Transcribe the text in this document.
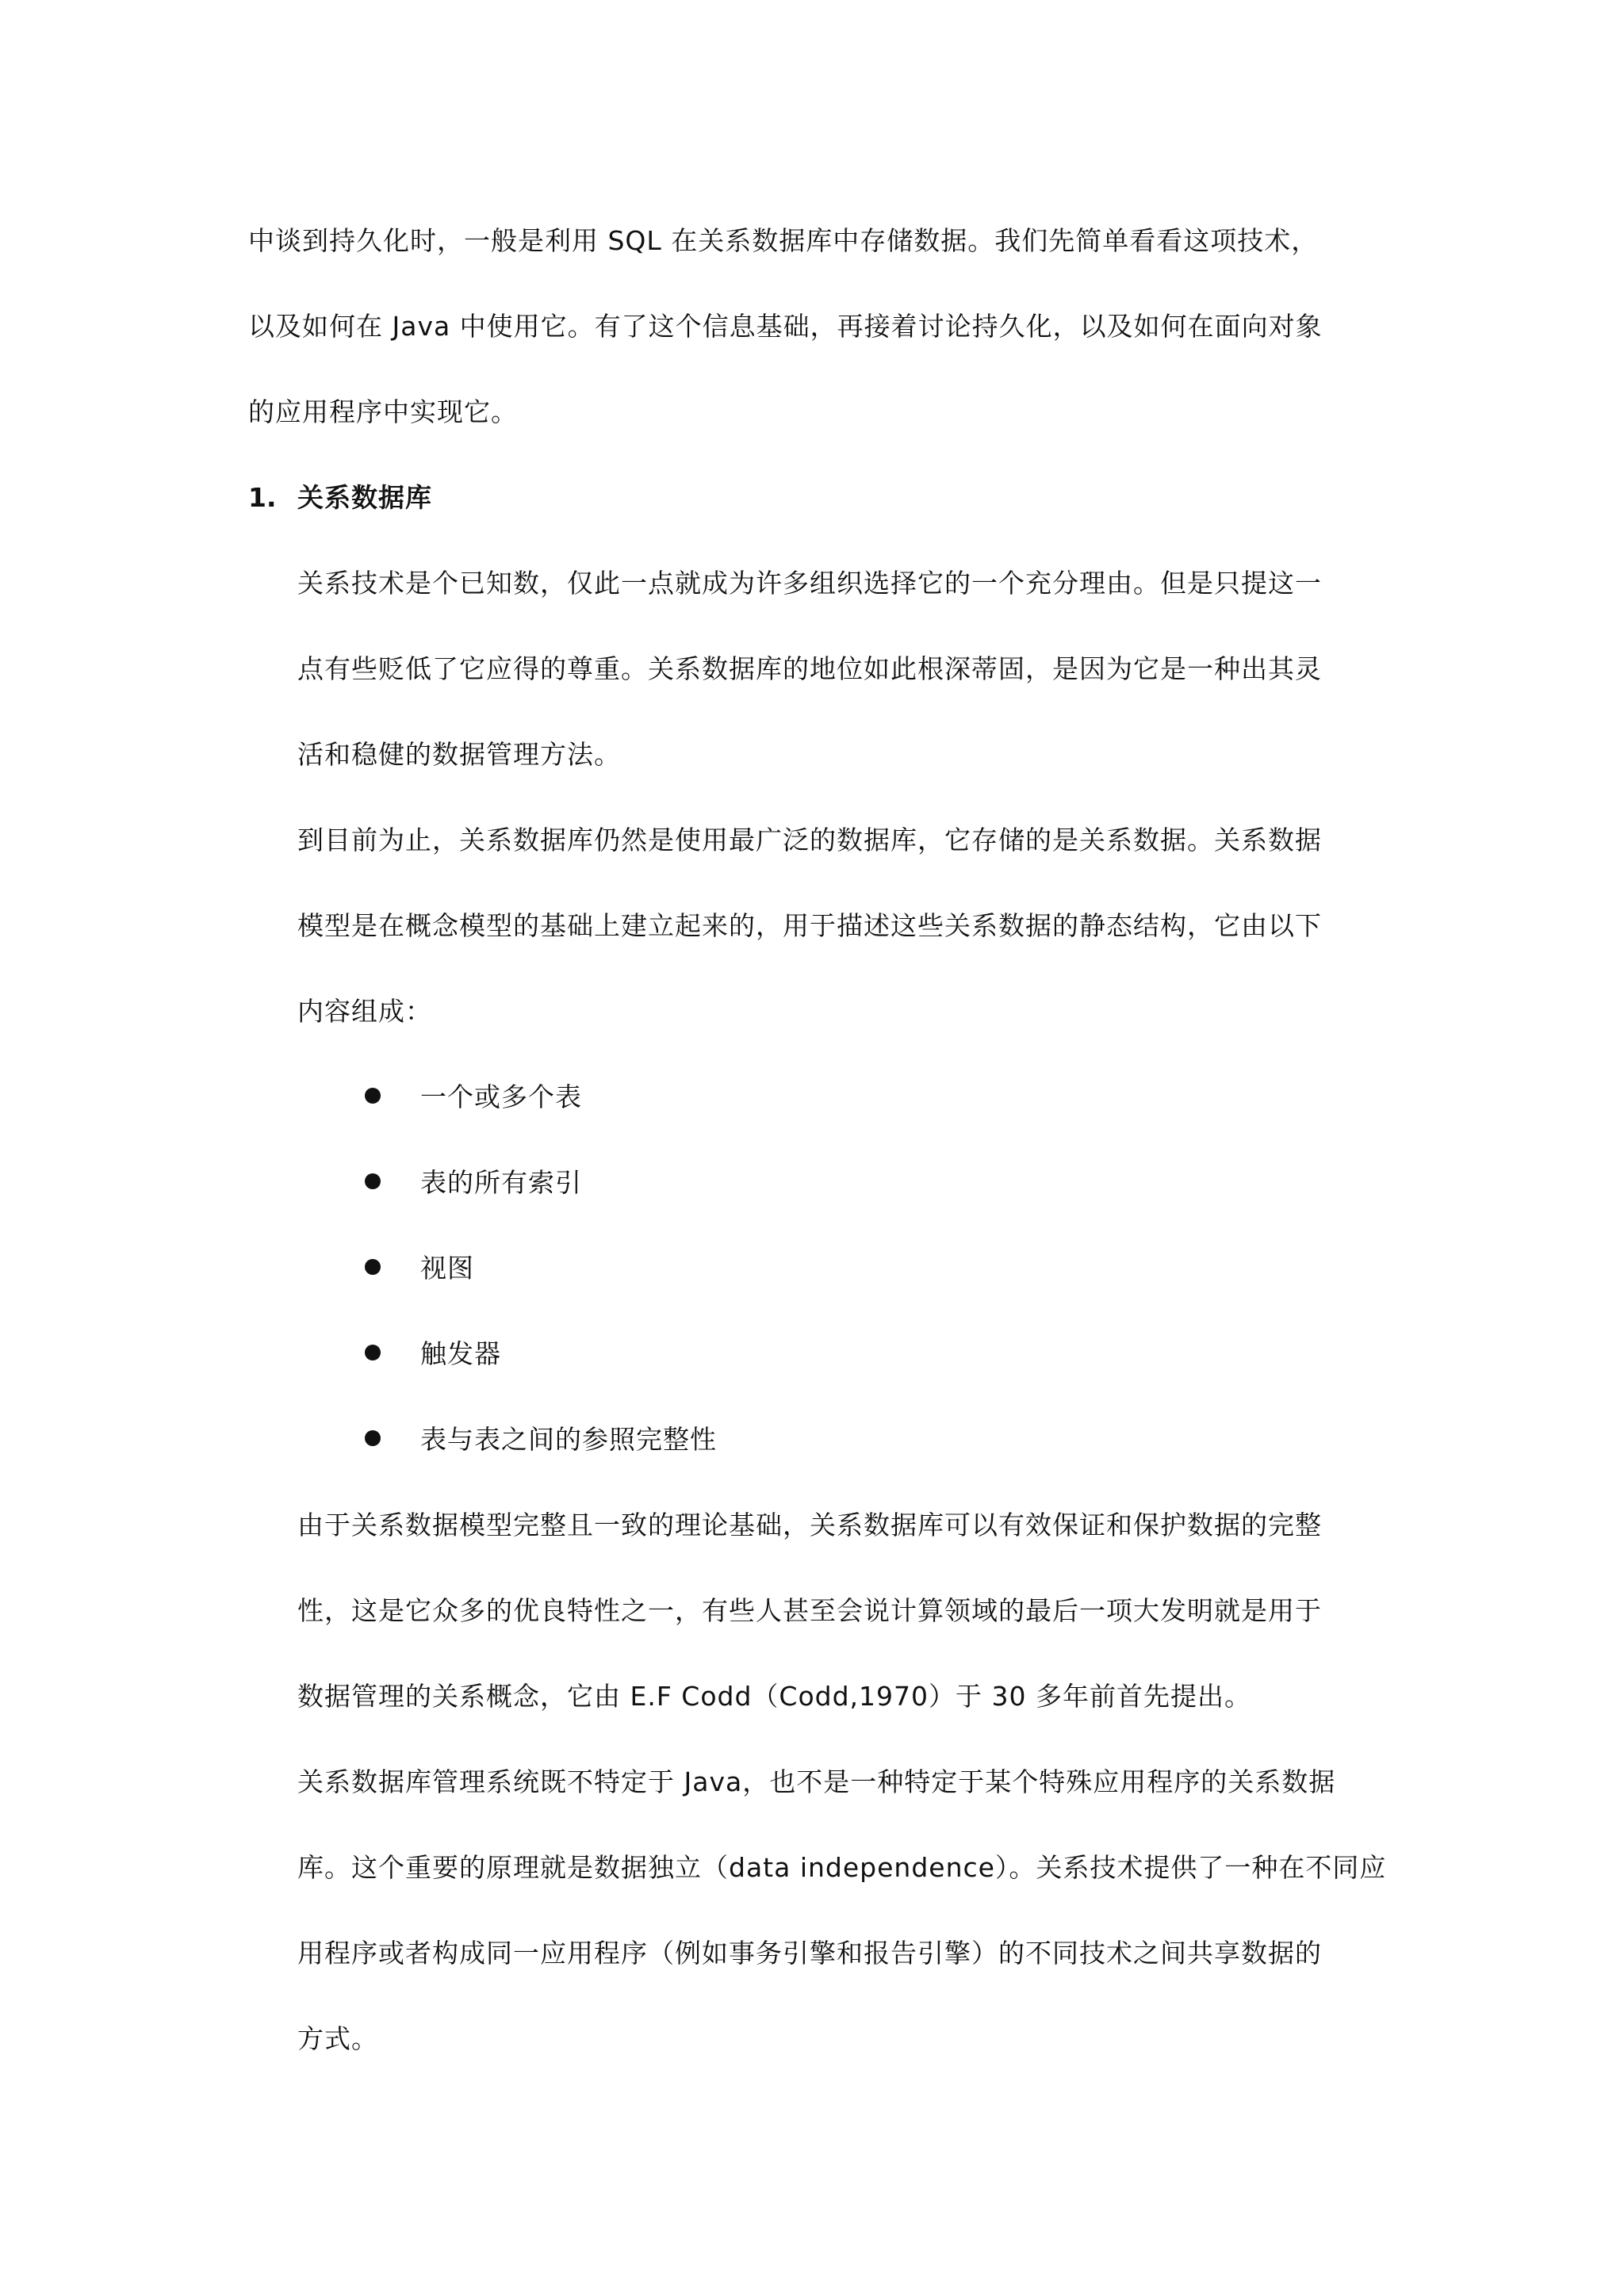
中谈到持久化时，一般是利用 SQL 在关系数据库中存储数据。我们先简单看看这项技术，
以及如何在 Java 中使用它。有了这个信息基础，再接着讨论持久化，以及如何在面向对象
的应用程序中实现它。
1. 关系数据库
关系技术是个已知数，仅此一点就成为许多组织选择它的一个充分理由。但是只提这一
点有些贬低了它应得的尊重。关系数据库的地位如此根深蒂固，是因为它是一种出其灵
活和稳健的数据管理方法。
到目前为止，关系数据库仍然是使用最广泛的数据库，它存储的是关系数据。关系数据
模型是在概念模型的基础上建立起来的，用于描述这些关系数据的静态结构，它由以下
内容组成：
一个或多个表
表的所有索引
视图
触发器
表与表之间的参照完整性
由于关系数据模型完整且一致的理论基础，关系数据库可以有效保证和保护数据的完整
性，这是它众多的优良特性之一，有些人甚至会说计算领域的最后一项大发明就是用于
数据管理的关系概念，它由 E.F Codd（Codd,1970）于 30 多年前首先提出。
关系数据库管理系统既不特定于 Java，也不是一种特定于某个特殊应用程序的关系数据
库。这个重要的原理就是数据独立（data independence）。关系技术提供了一种在不同应
用程序或者构成同一应用程序（例如事务引擎和报告引擎）的不同技术之间共享数据的
方式。
